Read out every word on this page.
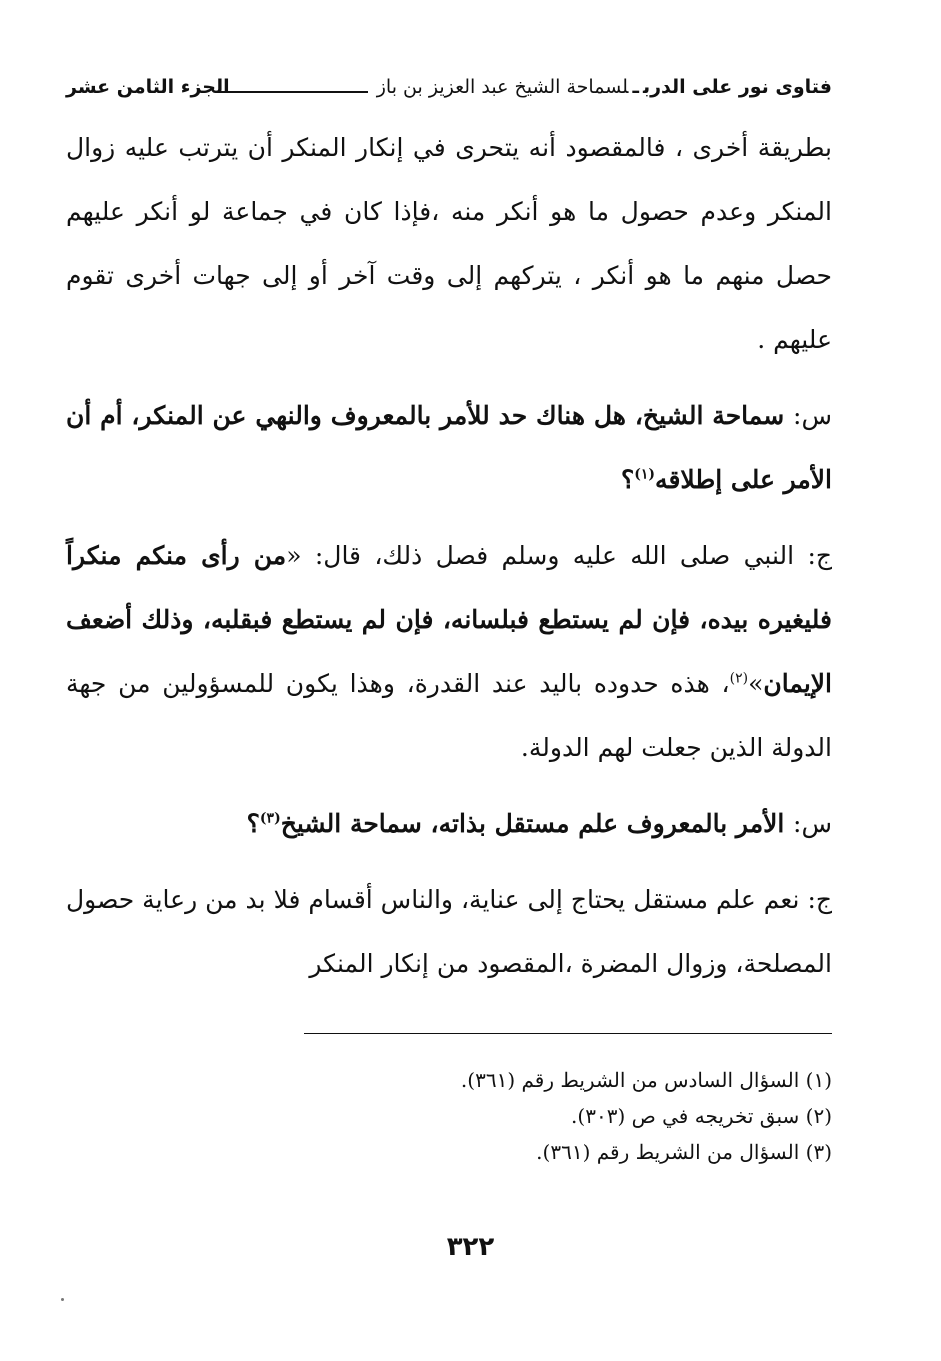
فتاوى نور على الدربـلسماحة الشيخ عبد العزيز بن باز
الجزء الثامن عشر

بطريقة أخرى ، فالمقصود أنه يتحرى في إنكار المنكر أن يترتب عليه زوال المنكر وعدم حصول ما هو أنكر منه ،فإذا كان في جماعة لو أنكر عليهم حصل منهم ما هو أنكر ، يتركهم إلى وقت آخر أو إلى جهات أخرى تقوم عليهم .

س: سماحة الشيخ، هل هناك حد للأمر بالمعروف والنهي عن المنكر، أم أن الأمر على إطلاقه$^{(١)}$؟

ج: النبي صلى الله عليه وسلم فصل ذلك، قال: «من رأى منكم منكراً فليغيره بيده، فإن لم يستطع فبلسانه، فإن لم يستطع فبقلبه، وذلك أضعف الإيمان»$^{(٢)}$، هذه حدوده باليد عند القدرة، وهذا يكون للمسؤولين من جهة الدولة الذين جعلت لهم الدولة.

س: الأمر بالمعروف علم مستقل بذاته، سماحة الشيخ$^{(٣)}$؟

ج: نعم علم مستقل يحتاج إلى عناية، والناس أقسام فلا بد من رعاية حصول المصلحة، وزوال المضرة ،المقصود من إنكار المنكر

(١) السؤال السادس من الشريط رقم (٣٦١).

(٢) سبق تخريجه في ص (٣٠٣).

(٣) السؤال من الشريط رقم (٣٦١).

٣٢٢
